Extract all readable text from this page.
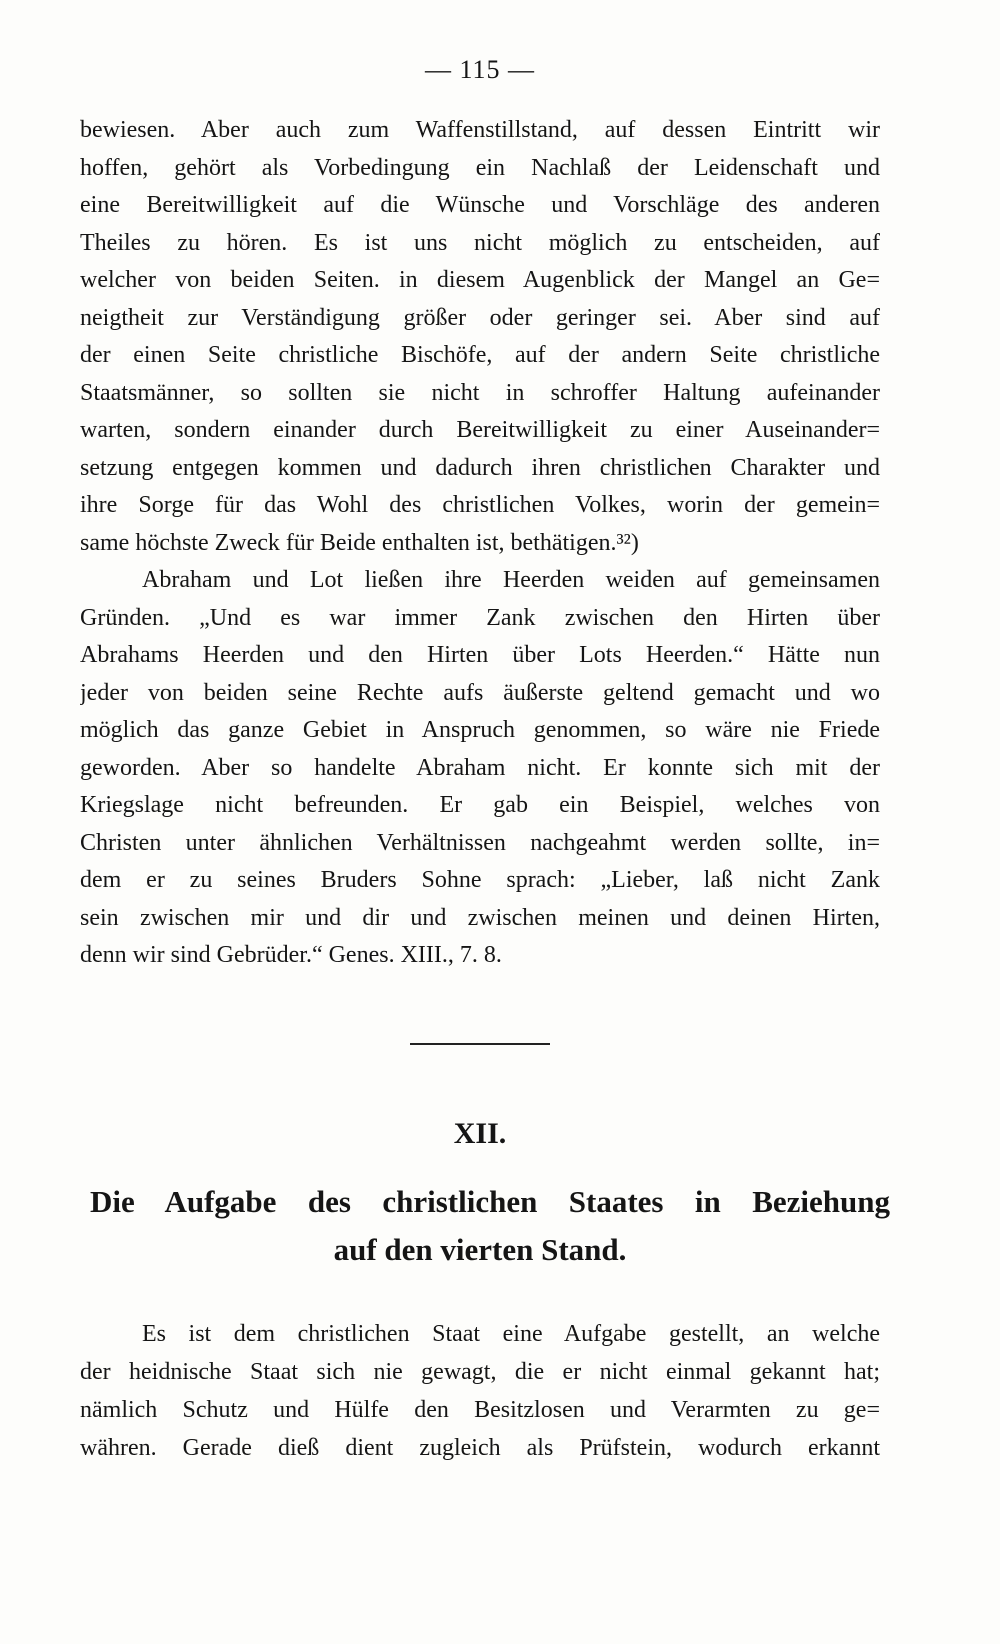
— 115 —
bewiesen. Aber auch zum Waffenstillstand, auf dessen Eintritt wir
hoffen, gehört als Vorbedingung ein Nachlaß der Leidenschaft und
eine Bereitwilligkeit auf die Wünsche und Vorschläge des anderen
Theiles zu hören. Es ist uns nicht möglich zu entscheiden, auf
welcher von beiden Seiten. in diesem Augenblick der Mangel an Ge=
neigtheit zur Verständigung größer oder geringer sei. Aber sind auf
der einen Seite christliche Bischöfe, auf der andern Seite christliche
Staatsmänner, so sollten sie nicht in schroffer Haltung aufeinander
warten, sondern einander durch Bereitwilligkeit zu einer Auseinander=
setzung entgegen kommen und dadurch ihren christlichen Charakter und
ihre Sorge für das Wohl des christlichen Volkes, worin der gemein=
same höchste Zweck für Beide enthalten ist, bethätigen.³²)
Abraham und Lot ließen ihre Heerden weiden auf gemeinsamen
Gründen. „Und es war immer Zank zwischen den Hirten über
Abrahams Heerden und den Hirten über Lots Heerden.“ Hätte nun
jeder von beiden seine Rechte aufs äußerste geltend gemacht und wo
möglich das ganze Gebiet in Anspruch genommen, so wäre nie Friede
geworden. Aber so handelte Abraham nicht. Er konnte sich mit der
Kriegslage nicht befreunden. Er gab ein Beispiel, welches von
Christen unter ähnlichen Verhältnissen nachgeahmt werden sollte, in=
dem er zu seines Bruders Sohne sprach: „Lieber, laß nicht Zank
sein zwischen mir und dir und zwischen meinen und deinen Hirten,
denn wir sind Gebrüder.“ Genes. XIII., 7. 8.
XII.
Die Aufgabe des christlichen Staates in Beziehung
auf den vierten Stand.
Es ist dem christlichen Staat eine Aufgabe gestellt, an welche
der heidnische Staat sich nie gewagt, die er nicht einmal gekannt hat;
nämlich Schutz und Hülfe den Besitzlosen und Verarmten zu ge=
währen. Gerade dieß dient zugleich als Prüfstein, wodurch erkannt
